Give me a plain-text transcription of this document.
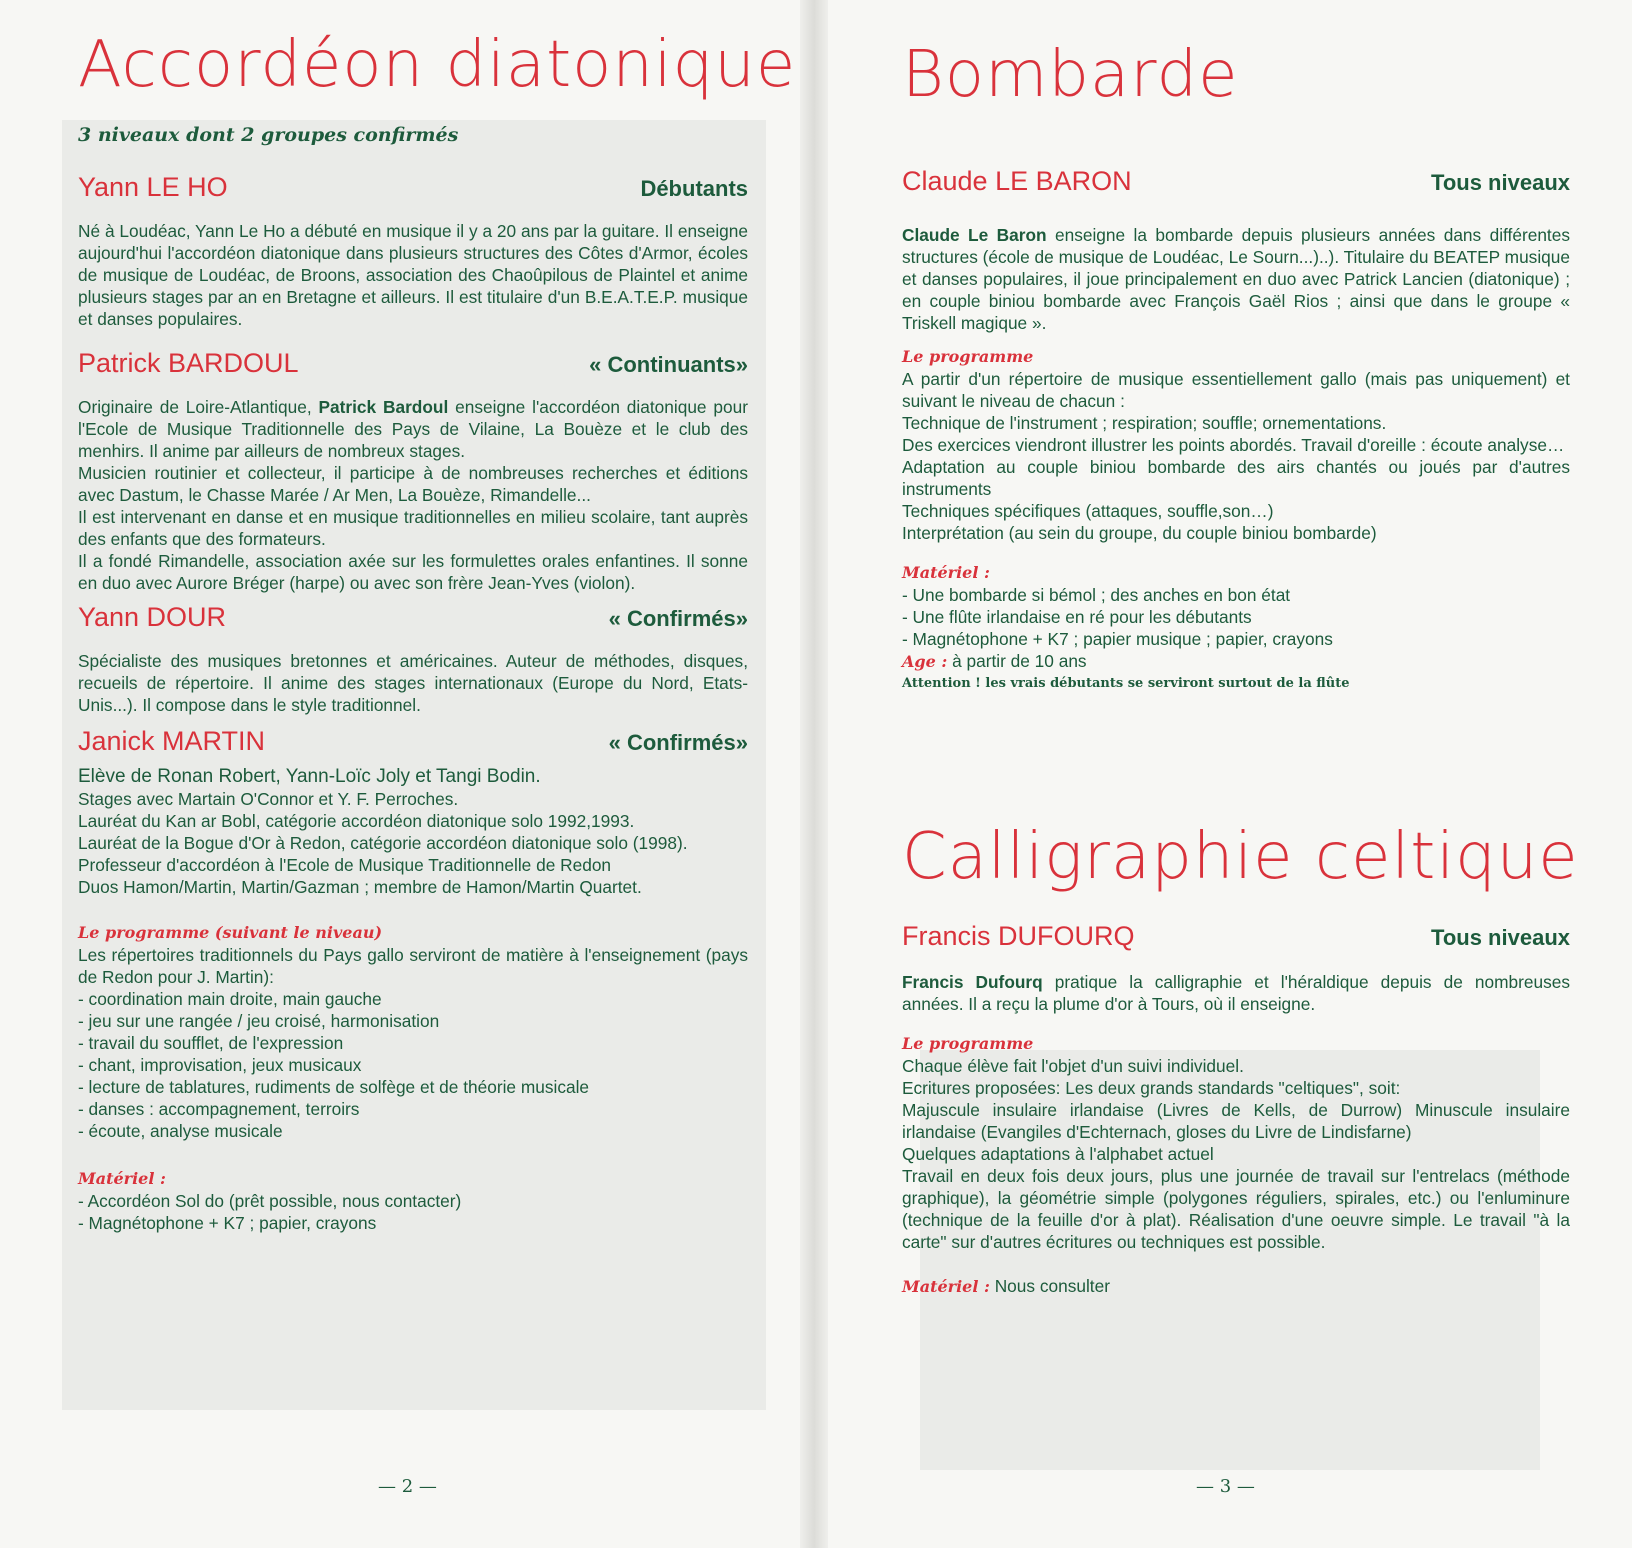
Accordéon diatonique
3 niveaux dont 2 groupes confirmés
Yann LE HO	Débutants

Né à Loudéac, Yann Le Ho a débuté en musique il y a 20 ans par la guitare. Il enseigne aujourd'hui l'accordéon diatonique dans plusieurs structures des Côtes d'Armor, écoles de musique de Loudéac, de Broons, association des Chaoûpilous de Plaintel et anime plusieurs stages par an en Bretagne et ailleurs. Il est titulaire d'un B.E.A.T.E.P. musique et danses populaires.

Patrick BARDOUL	« Continuants»

Originaire de Loire-Atlantique, Patrick Bardoul enseigne l'accordéon diatonique pour l'Ecole de Musique Traditionnelle des Pays de Vilaine, La Bouèze et le club des menhirs. Il anime par ailleurs de nombreux stages.

Musicien routinier et collecteur, il participe à de nombreuses recherches et éditions avec Dastum, le Chasse Marée / Ar Men, La Bouèze, Rimandelle...

Il est intervenant en danse et en musique traditionnelles en milieu scolaire, tant auprès des enfants que des formateurs.

Il a fondé Rimandelle, association axée sur les formulettes orales enfantines. Il sonne en duo avec Aurore Bréger (harpe) ou avec son frère Jean-Yves (violon).

Yann DOUR	« Confirmés»

Spécialiste des musiques bretonnes et américaines. Auteur de méthodes, disques, recueils de répertoire. Il anime des stages internationaux (Europe du Nord, Etats-Unis...). Il compose dans le style traditionnel.

Janick MARTIN	« Confirmés»

Elève de Ronan Robert, Yann-Loïc Joly et Tangi Bodin.

Stages avec Martain O'Connor et Y. F. Perroches.

Lauréat du Kan ar Bobl, catégorie accordéon diatonique solo 1992,1993.

Lauréat de la Bogue d'Or à Redon, catégorie accordéon diatonique solo (1998).

Professeur d'accordéon à l'Ecole de Musique Traditionnelle de Redon

Duos Hamon/Martin, Martin/Gazman ; membre de Hamon/Martin Quartet.

Le programme (suivant le niveau)

Les répertoires traditionnels du Pays gallo serviront de matière à l'enseignement (pays de Redon pour J. Martin):

- coordination main droite, main gauche

- jeu sur une rangée / jeu croisé, harmonisation

- travail du soufflet, de l'expression

- chant, improvisation, jeux musicaux

- lecture de tablatures, rudiments de solfège et de théorie musicale

- danses : accompagnement, terroirs

- écoute, analyse musicale

Matériel :

- Accordéon Sol do (prêt possible, nous contacter)

- Magnétophone + K7 ; papier, crayons

— 2 —
Bombarde
Claude LE BARON	Tous niveaux

Claude Le Baron enseigne la bombarde depuis plusieurs années dans différentes structures (école de musique de Loudéac, Le Sourn...)..). Titulaire du BEATEP musique et danses populaires, il joue principalement en duo avec Patrick Lancien (diatonique) ; en couple biniou bombarde avec François Gaël Rios ; ainsi que dans le groupe « Triskell magique ».

Le programme

A partir d'un répertoire de musique essentiellement gallo (mais pas uniquement) et suivant le niveau de chacun :

Technique de l'instrument ; respiration; souffle; ornementations.

Des exercices viendront illustrer les points abordés. Travail d'oreille : écoute analyse…

Adaptation au couple biniou bombarde des airs chantés ou joués par d'autres instruments

Techniques spécifiques (attaques, souffle,son…)

Interprétation (au sein du groupe, du couple biniou bombarde)

Matériel :

- Une bombarde si bémol ; des anches en bon état

- Une flûte irlandaise en ré pour les débutants

- Magnétophone + K7 ; papier musique ; papier, crayons

Age : à partir de 10 ans

Attention ! les vrais débutants se serviront surtout de la flûte

Calligraphie celtique
Francis DUFOURQ	Tous niveaux

Francis Dufourq pratique la calligraphie et l'héraldique depuis de nombreuses années. Il a reçu la plume d'or à Tours, où il enseigne.

Le programme

Chaque élève fait l'objet d'un suivi individuel.

Ecritures proposées: Les deux grands standards "celtiques", soit:

Majuscule insulaire irlandaise (Livres de Kells, de Durrow) Minuscule insulaire irlandaise (Evangiles d'Echternach, gloses du Livre de Lindisfarne)

Quelques adaptations à l'alphabet actuel

Travail en deux fois deux jours, plus une journée de travail sur l'entrelacs (méthode graphique), la géométrie simple (polygones réguliers, spirales, etc.) ou l'enluminure (technique de la feuille d'or à plat). Réalisation d'une oeuvre simple. Le travail "à la carte" sur d'autres écritures ou techniques est possible.

Matériel : Nous consulter

— 3 —
